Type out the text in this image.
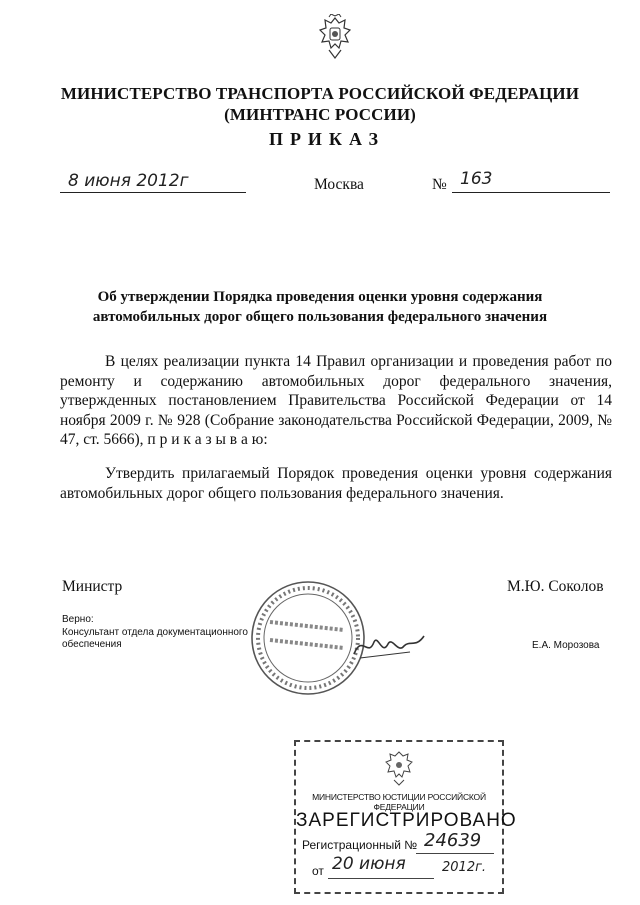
МИНИСТЕРСТВО ТРАНСПОРТА РОССИЙСКОЙ ФЕДЕРАЦИИ
(МИНТРАНС РОССИИ)
ПРИКАЗ
8 июня 2012г	Москва	№ 163
Об утверждении Порядка проведения оценки уровня содержания
автомобильных дорог общего пользования федерального значения
В целях реализации пункта 14 Правил организации и проведения работ по ремонту и содержанию автомобильных дорог федерального значения, утвержденных постановлением Правительства Российской Федерации от 14 ноября 2009 г. № 928 (Собрание законодательства Российской Федерации, 2009, № 47, ст. 5666), п р и к а з ы в а ю:
Утвердить прилагаемый Порядок проведения оценки уровня содержания автомобильных дорог общего пользования федерального значения.
Министр	М.Ю. Соколов
Верно:
Консультант отдела документационного
обеспечения	Е.А. Морозова
МИНИСТЕРСТВО ЮСТИЦИИ РОССИЙСКОЙ ФЕДЕРАЦИИ
ЗАРЕГИСТРИРОВАНО
Регистрационный № 24639
от 20 июня	2012г.
